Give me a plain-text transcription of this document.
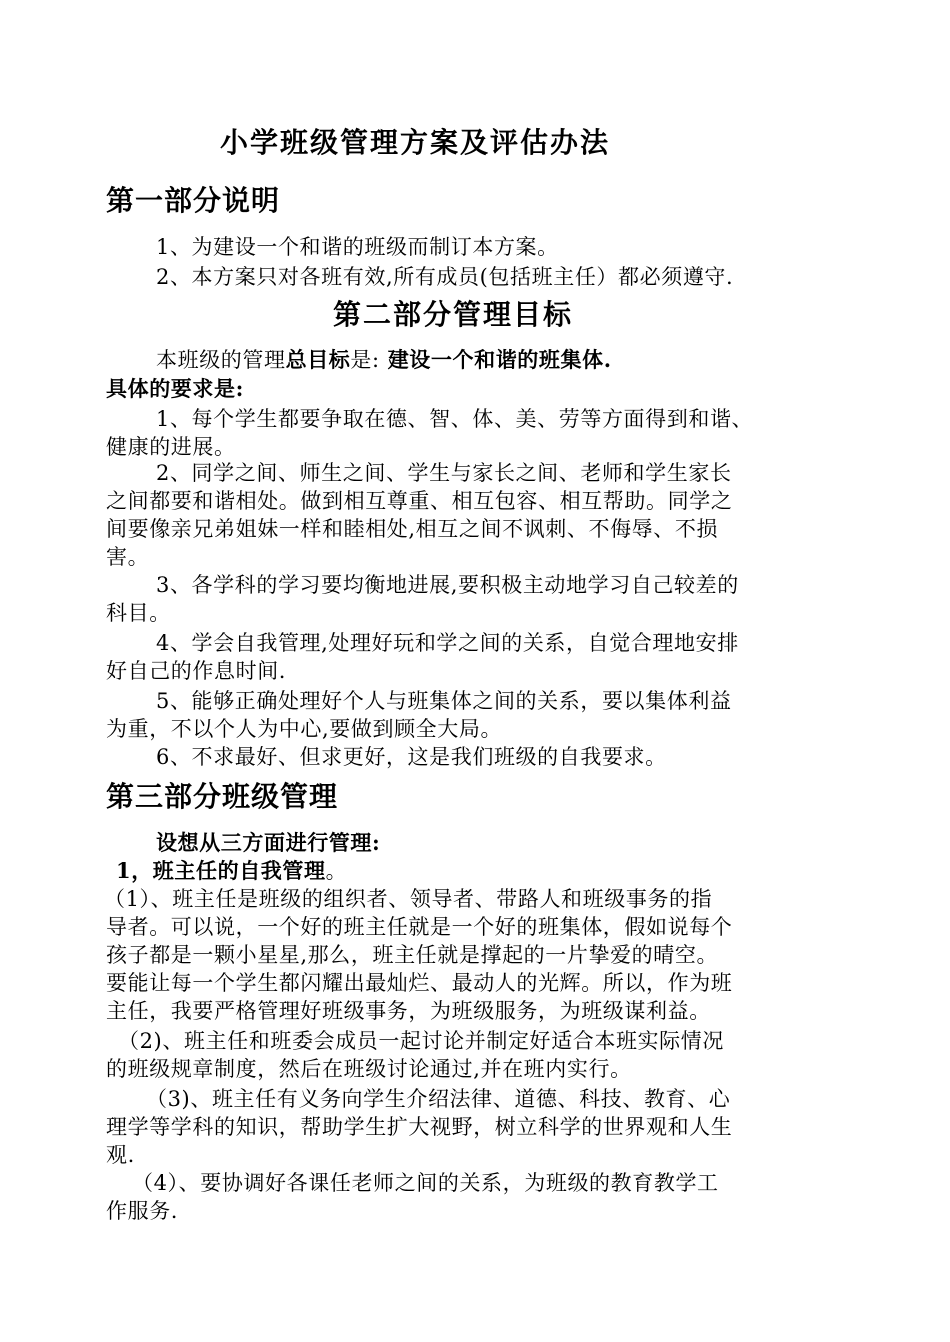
小学班级管理方案及评估办法
第一部分说明
1、为建设一个和谐的班级而制订本方案。
2、本方案只对各班有效,所有成员(包括班主任）都必须遵守.
第二部分管理目标
本班级的管理总目标是: 建设一个和谐的班集体.
具体的要求是:
1、每个学生都要争取在德、智、体、美、劳等方面得到和谐、
健康的进展。
2、同学之间、师生之间、学生与家长之间、老师和学生家长
之间都要和谐相处。做到相互尊重、相互包容、相互帮助。同学之
间要像亲兄弟姐妹一样和睦相处,相互之间不讽刺、不侮辱、不损
害。
3、各学科的学习要均衡地进展,要积极主动地学习自己较差的
科目。
4、学会自我管理,处理好玩和学之间的关系，自觉合理地安排
好自己的作息时间.
5、能够正确处理好个人与班集体之间的关系，要以集体利益
为重，不以个人为中心,要做到顾全大局。
6、不求最好、但求更好，这是我们班级的自我要求。
第三部分班级管理
设想从三方面进行管理:
1，班主任的自我管理。
（1）、班主任是班级的组织者、领导者、带路人和班级事务的指
导者。可以说，一个好的班主任就是一个好的班集体，假如说每个
孩子都是一颗小星星,那么，班主任就是撑起的一片挚爱的晴空。
要能让每一个学生都闪耀出最灿烂、最动人的光辉。所以，作为班
主任，我要严格管理好班级事务，为班级服务，为班级谋利益。
（2)、班主任和班委会成员一起讨论并制定好适合本班实际情况
的班级规章制度，然后在班级讨论通过,并在班内实行。
（3)、班主任有义务向学生介绍法律、道德、科技、教育、心
理学等学科的知识，帮助学生扩大视野，树立科学的世界观和人生
观.
（4）、要协调好各课任老师之间的关系，为班级的教育教学工
作服务.
